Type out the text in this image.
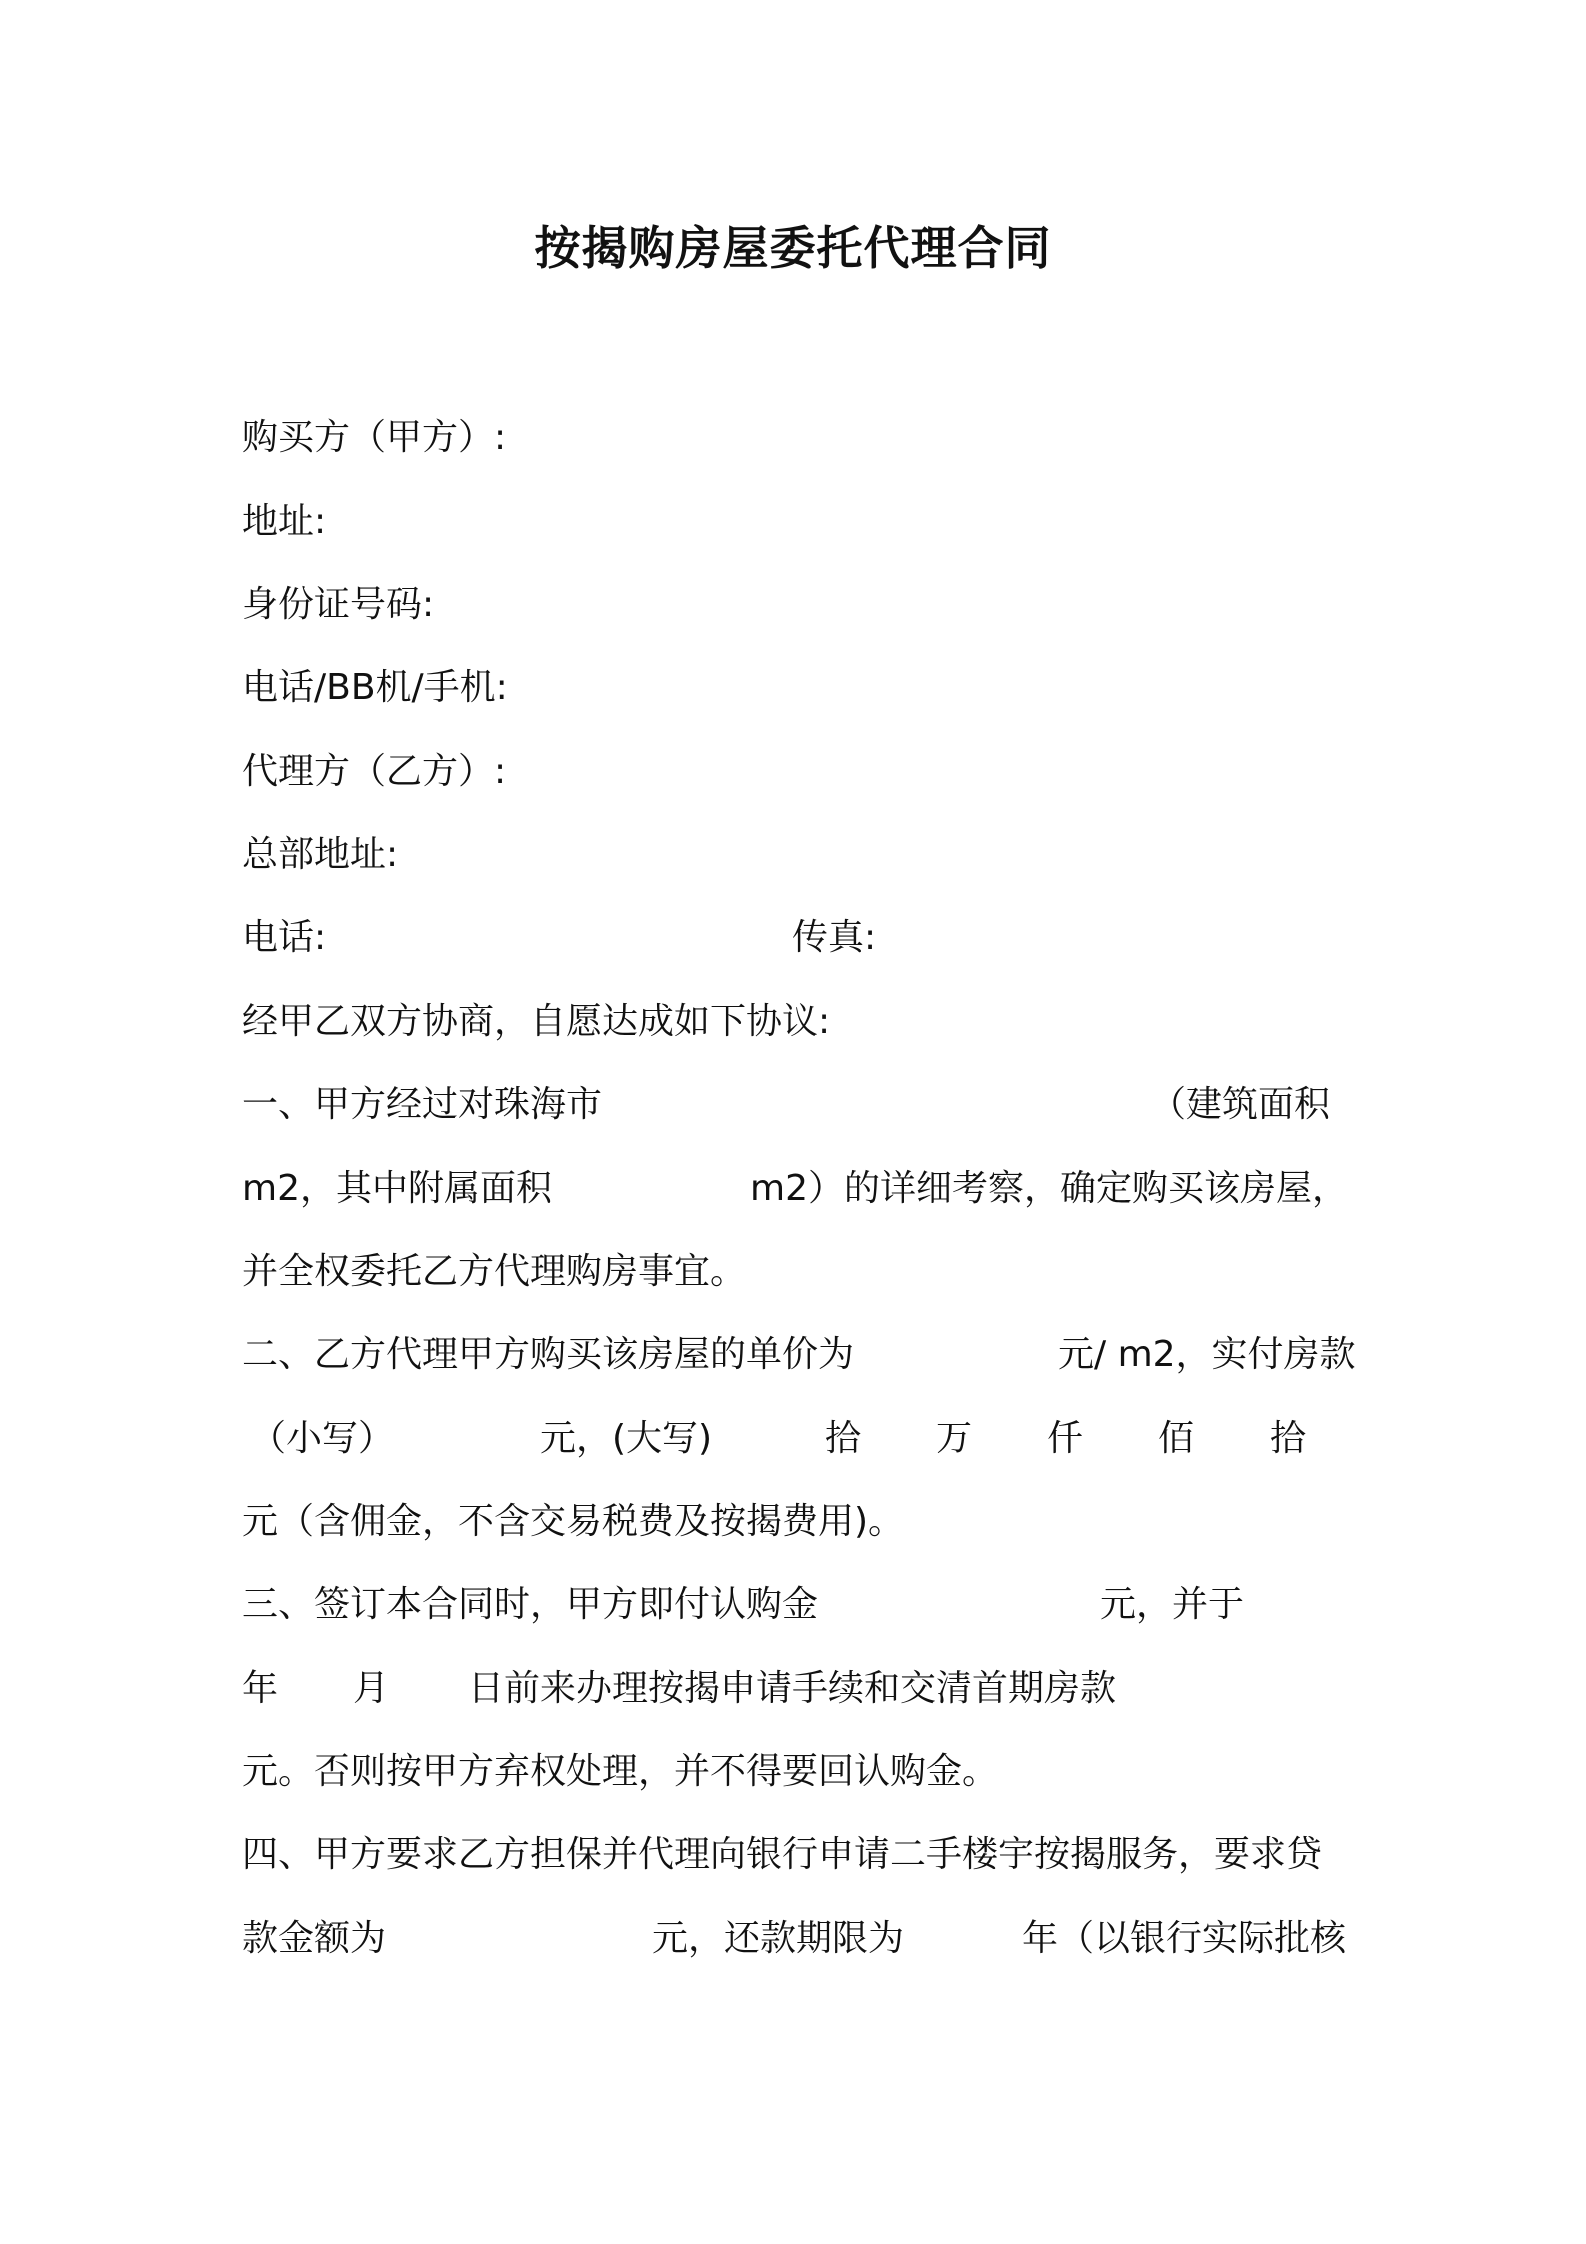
按揭购房屋委托代理合同
购买方（甲方）:
地址:
身份证号码:
电话/BB机/手机:
代理方（乙方）:
总部地址:
电话:	传真:
经甲乙双方协商，自愿达成如下协议:
一、甲方经过对珠海市	（建筑面积
m2，其中附属面积	m2）的详细考察，确定购买该房屋，
并全权委托乙方代理购房事宜。
二、乙方代理甲方购买该房屋的单价为	元/ m2，实付房款
（小写）	元，(大写)	拾 万 仟 佰 拾
元（含佣金，不含交易税费及按揭费用)。
三、签订本合同时，甲方即付认购金	元，并于
年 月 日前来办理按揭申请手续和交清首期房款
元。否则按甲方弃权处理，并不得要回认购金。
四、甲方要求乙方担保并代理向银行申请二手楼宇按揭服务，要求贷
款金额为	元，还款期限为	年（以银行实际批核
